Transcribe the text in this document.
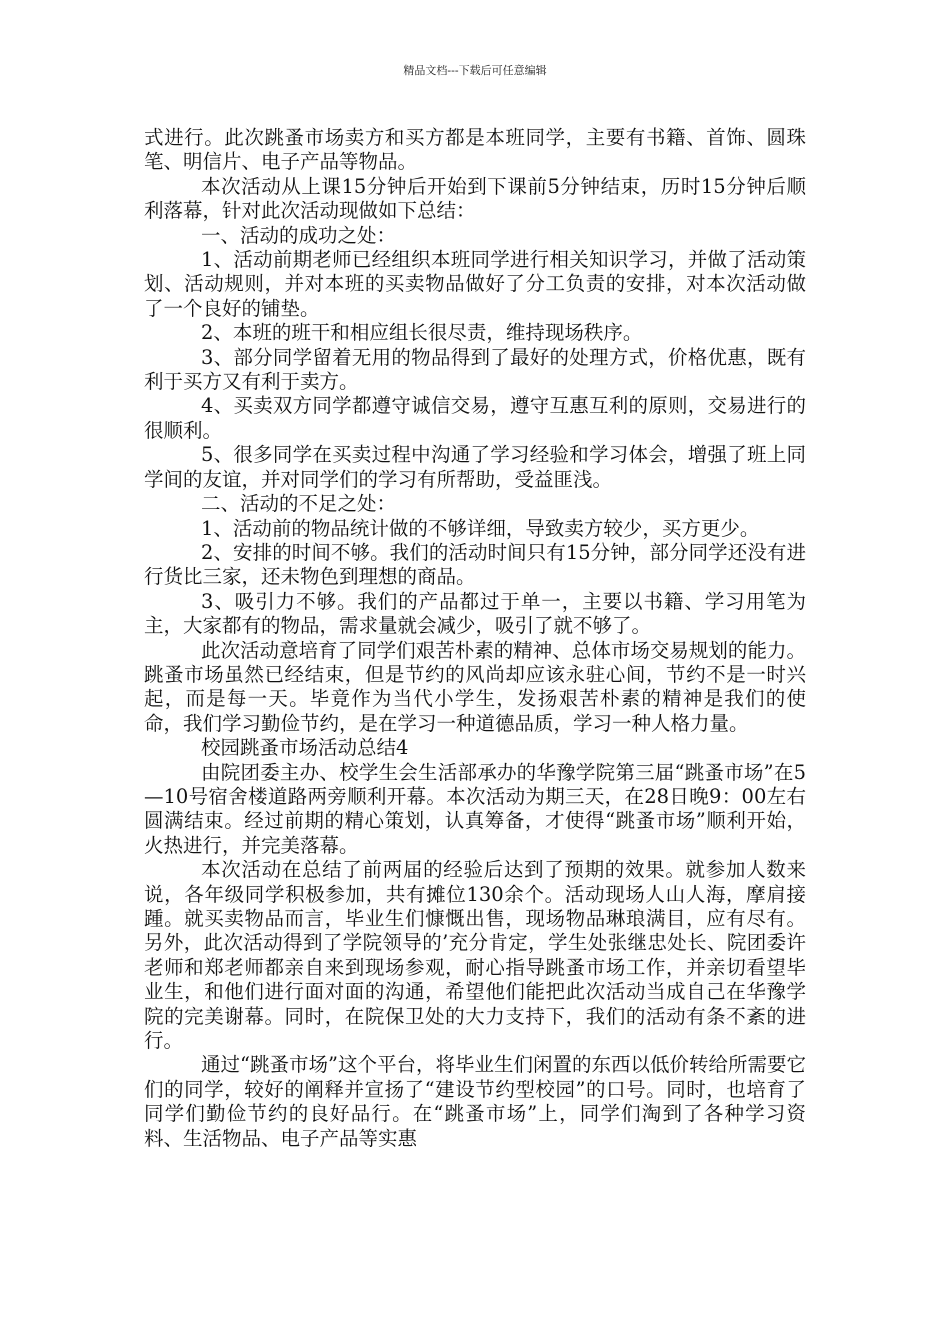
精品文档---下载后可任意编辑

式进行。此次跳蚤市场卖方和买方都是本班同学，主要有书籍、首饰、圆珠笔、明信片、电子产品等物品。

本次活动从上课15分钟后开始到下课前5分钟结束，历时15分钟后顺利落幕，针对此次活动现做如下总结：

一、活动的成功之处：

1、活动前期老师已经组织本班同学进行相关知识学习，并做了活动策划、活动规则，并对本班的买卖物品做好了分工负责的安排，对本次活动做了一个良好的铺垫。

2、本班的班干和相应组长很尽责，维持现场秩序。

3、部分同学留着无用的物品得到了最好的处理方式，价格优惠，既有利于买方又有利于卖方。

4、买卖双方同学都遵守诚信交易，遵守互惠互利的原则，交易进行的很顺利。

5、很多同学在买卖过程中沟通了学习经验和学习体会，增强了班上同学间的友谊，并对同学们的学习有所帮助，受益匪浅。

二、活动的不足之处：

1、活动前的物品统计做的不够详细，导致卖方较少，买方更少。

2、安排的时间不够。我们的活动时间只有15分钟，部分同学还没有进行货比三家，还未物色到理想的商品。

3、吸引力不够。我们的产品都过于单一，主要以书籍、学习用笔为主，大家都有的物品，需求量就会减少，吸引了就不够了。

此次活动意培育了同学们艰苦朴素的精神、总体市场交易规划的能力。跳蚤市场虽然已经结束，但是节约的风尚却应该永驻心间，节约不是一时兴起，而是每一天。毕竟作为当代小学生，发扬艰苦朴素的精神是我们的使命，我们学习勤俭节约，是在学习一种道德品质，学习一种人格力量。

校园跳蚤市场活动总结4

由院团委主办、校学生会生活部承办的华豫学院第三届“跳蚤市场”在5—10号宿舍楼道路两旁顺利开幕。本次活动为期三天，在28日晚9：00左右圆满结束。经过前期的精心策划，认真筹备，才使得“跳蚤市场”顺利开始，火热进行，并完美落幕。

本次活动在总结了前两届的经验后达到了预期的效果。就参加人数来说，各年级同学积极参加，共有摊位130余个。活动现场人山人海，摩肩接踵。就买卖物品而言，毕业生们慷慨出售，现场物品琳琅满目，应有尽有。另外，此次活动得到了学院领导的’充分肯定，学生处张继忠处长、院团委许老师和郑老师都亲自来到现场参观，耐心指导跳蚤市场工作，并亲切看望毕业生，和他们进行面对面的沟通，希望他们能把此次活动当成自己在华豫学院的完美谢幕。同时，在院保卫处的大力支持下，我们的活动有条不紊的进行。

通过“跳蚤市场”这个平台，将毕业生们闲置的东西以低价转给所需要它们的同学，较好的阐释并宣扬了“建设节约型校园”的口号。同时，也培育了同学们勤俭节约的良好品行。在“跳蚤市场”上，同学们淘到了各种学习资料、生活物品、电子产品等实惠
